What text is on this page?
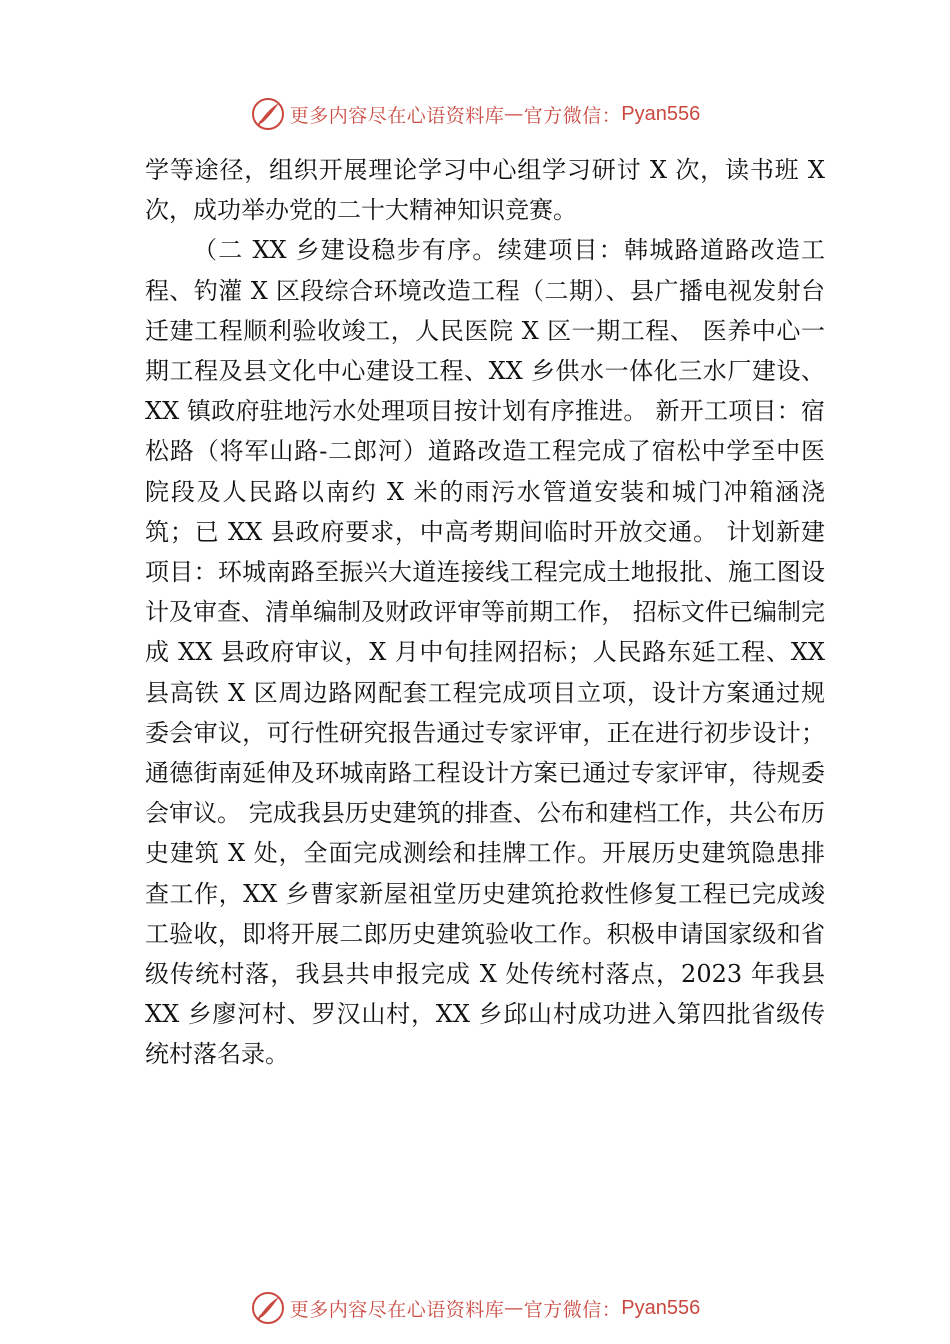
更多内容尽在心语资料库 — 官方微信： Pyan556

学等途径，组织开展理论学习中心组学习研讨 X 次，读书班 X 次，成功举办党的二十大精神知识竞赛。

（二 XX 乡建设稳步有序。续建项目：韩城路道路改造工程、钓灌 X 区段综合环境改造工程（二期）、县广播电视发射台迁建工程顺利验收竣工，人民医院 X 区一期工程、 医养中心一期工程及县文化中心建设工程、XX 乡供水一体化三水厂建设、XX 镇政府驻地污水处理项目按计划有序推进。 新开工项目：宿松路（将军山路-二郎河）道路改造工程完成了宿松中学至中医院段及人民路以南约 X 米的雨污水管道安装和城门冲箱涵浇筑；已 XX 县政府要求，中高考期间临时开放交通。 计划新建项目：环城南路至振兴大道连接线工程完成土地报批、施工图设计及审查、清单编制及财政评审等前期工作， 招标文件已编制完成 XX 县政府审议，X 月中旬挂网招标；人民路东延工程、XX 县高铁 X 区周边路网配套工程完成项目立项，设计方案通过规委会审议，可行性研究报告通过专家评审，正在进行初步设计；通德街南延伸及环城南路工程设计方案已通过专家评审，待规委会审议。 完成我县历史建筑的排查、公布和建档工作，共公布历史建筑 X 处，全面完成测绘和挂牌工作。开展历史建筑隐患排查工作，XX 乡曹家新屋祖堂历史建筑抢救性修复工程已完成竣工验收，即将开展二郎历史建筑验收工作。积极申请国家级和省级传统村落，我县共申报完成 X 处传统村落点，2023 年我县 XX 乡廖河村、罗汉山村，XX 乡邱山村成功进入第四批省级传统村落名录。

更多内容尽在心语资料库 — 官方微信： Pyan556
